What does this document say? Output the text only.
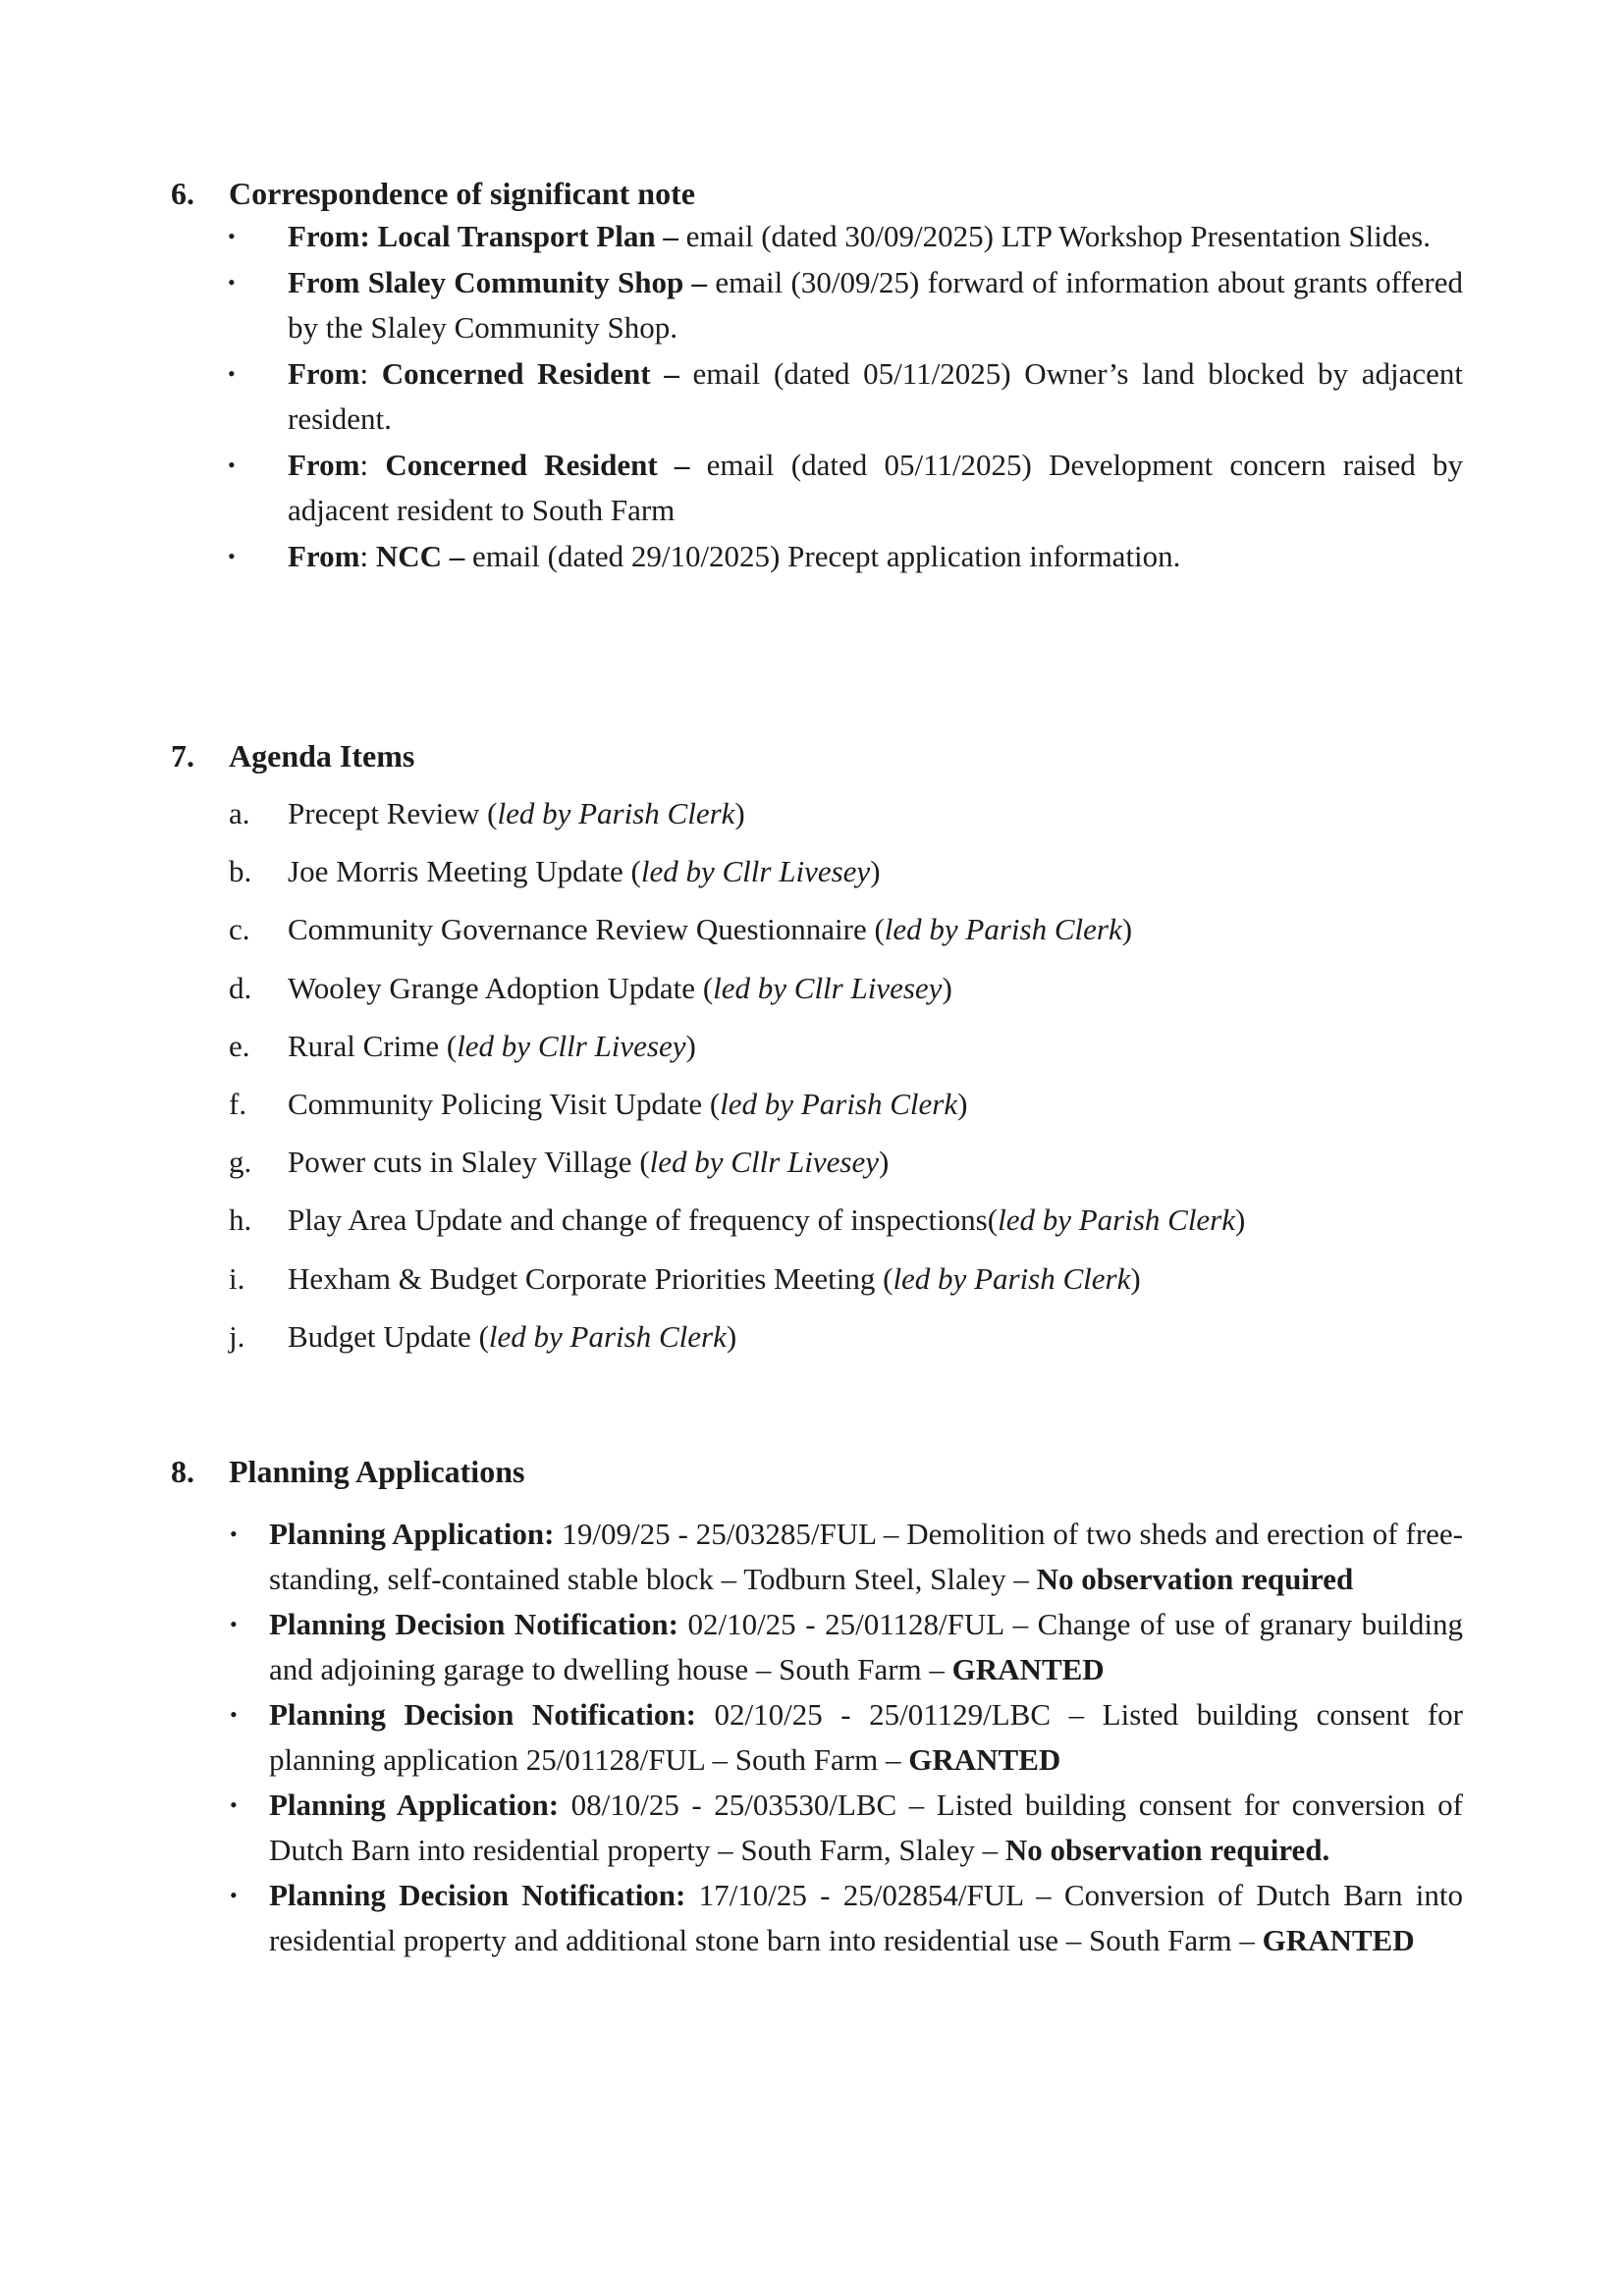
6. Correspondence of significant note
• From: Local Transport Plan – email (dated 30/09/2025) LTP Workshop Presentation Slides.
• From Slaley Community Shop – email (30/09/25) forward of information about grants offered by the Slaley Community Shop.
• From: Concerned Resident – email (dated 05/11/2025) Owner’s land blocked by adjacent resident.
• From: Concerned Resident – email (dated 05/11/2025) Development concern raised by adjacent resident to South Farm
• From: NCC – email (dated 29/10/2025) Precept application information.
7. Agenda Items
a. Precept Review (led by Parish Clerk)
b. Joe Morris Meeting Update (led by Cllr Livesey)
c. Community Governance Review Questionnaire (led by Parish Clerk)
d. Wooley Grange Adoption Update (led by Cllr Livesey)
e. Rural Crime (led by Cllr Livesey)
f. Community Policing Visit Update (led by Parish Clerk)
g. Power cuts in Slaley Village (led by Cllr Livesey)
h. Play Area Update and change of frequency of inspections(led by Parish Clerk)
i. Hexham & Budget Corporate Priorities Meeting (led by Parish Clerk)
j. Budget Update (led by Parish Clerk)
8. Planning Applications
• Planning Application: 19/09/25 - 25/03285/FUL – Demolition of two sheds and erection of free-standing, self-contained stable block – Todburn Steel, Slaley – No observation required
• Planning Decision Notification: 02/10/25 - 25/01128/FUL – Change of use of granary building and adjoining garage to dwelling house – South Farm – GRANTED
• Planning Decision Notification: 02/10/25 - 25/01129/LBC – Listed building consent for planning application 25/01128/FUL – South Farm – GRANTED
• Planning Application: 08/10/25 - 25/03530/LBC – Listed building consent for conversion of Dutch Barn into residential property – South Farm, Slaley – No observation required.
• Planning Decision Notification: 17/10/25 - 25/02854/FUL – Conversion of Dutch Barn into residential property and additional stone barn into residential use – South Farm – GRANTED
